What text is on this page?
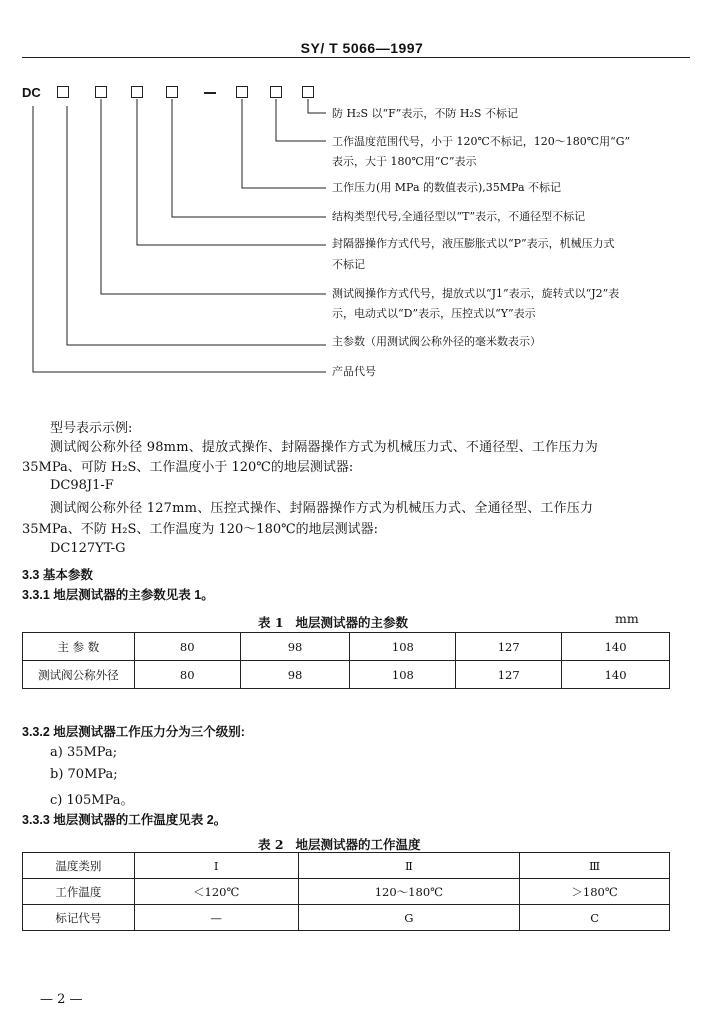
SY/ T 5066—1997
DC
防 H₂S 以“F”表示，不防 H₂S 不标记
工作温度范围代号，小于 120℃不标记，120～180℃用“G”
表示，大于 180℃用“C”表示
工作压力(用 MPa 的数值表示),35MPa 不标记
结构类型代号,全通径型以“T”表示，不通径型不标记
封隔器操作方式代号，液压膨胀式以“P”表示，机械压力式
不标记
测试阀操作方式代号，提放式以“J1”表示，旋转式以“J2”表
示，电动式以“D”表示，压控式以“Y”表示
主参数（用测试阀公称外径的毫米数表示）
产品代号
型号表示示例:
测试阀公称外径 98mm、提放式操作、封隔器操作方式为机械压力式、不通径型、工作压力为
35MPa、可防 H₂S、工作温度小于 120℃的地层测试器:
DC98J1-F
测试阀公称外径 127mm、压控式操作、封隔器操作方式为机械压力式、全通径型、工作压力
35MPa、不防 H₂S、工作温度为 120～180℃的地层测试器:
DC127YT-G
3.3 基本参数
3.3.1 地层测试器的主参数见表 1。
表 1 地层测试器的主参数	mm
主 参 数	80	98	108	127	140
测试阀公称外径	80	98	108	127	140
3.3.2 地层测试器工作压力分为三个级别:
a) 35MPa;
b) 70MPa;
c) 105MPa。
3.3.3 地层测试器的工作温度见表 2。
表 2 地层测试器的工作温度
温度类别	Ⅰ	Ⅱ	Ⅲ
工作温度	＜120℃	120～180℃	＞180℃
标记代号	—	G	C
— 2 —
